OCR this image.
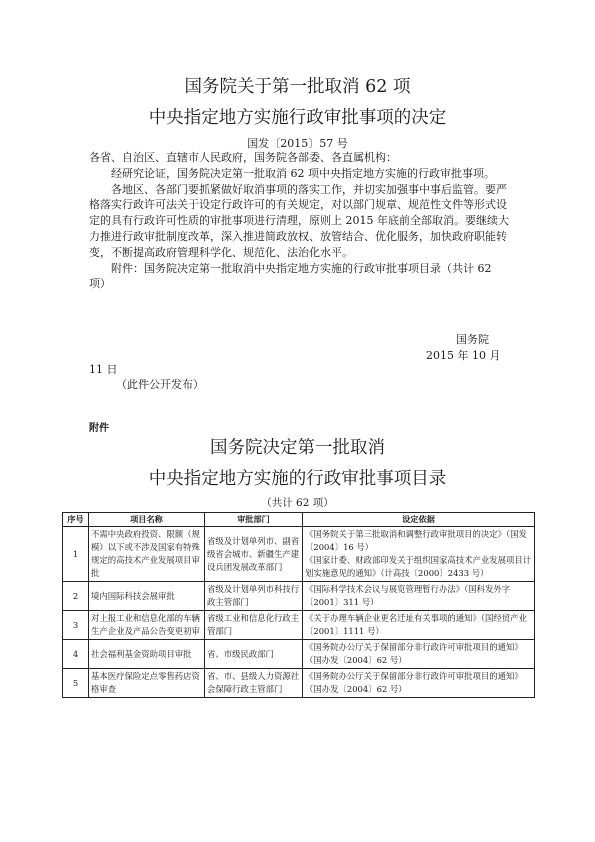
国务院关于第一批取消 62 项
中央指定地方实施行政审批事项的决定
国发〔2015〕57 号

各省、自治区、直辖市人民政府，国务院各部委、各直属机构：

经研究论证，国务院决定第一批取消 62 项中央指定地方实施的行政审批事项。

各地区、各部门要抓紧做好取消事项的落实工作，并切实加强事中事后监管。要严格落实行政许可法关于设定行政许可的有关规定，对以部门规章、规范性文件等形式设定的具有行政许可性质的审批事项进行清理，原则上 2015 年底前全部取消。要继续大力推进行政审批制度改革，深入推进简政放权、放管结合、优化服务，加快政府职能转变，不断提高政府管理科学化、规范化、法治化水平。

附件：国务院决定第一批取消中央指定地方实施的行政审批事项目录（共计 62 项）

国务院
2015 年 10 月
11 日
（此件公开发布）
附件
国务院决定第一批取消
中央指定地方实施的行政审批事项目录
（共计 62 项）
序号	项目名称	审批部门	设定依据
1	不需中央政府投资、限额（规模）以下或不涉及国家有特殊规定的高技术产业发展项目审批	省级及计划单列市、副省级省会城市、新疆生产建设兵团发展改革部门	《国务院关于第三批取消和调整行政审批项目的决定》（国发〔2004〕16 号）
《国家计委、财政部印发关于组织国家高技术产业发展项目计划实施意见的通知》（计高技〔2000〕2433 号）

2	境内国际科技会展审批	省级及计划单列市科技行政主管部门	《国际科学技术会议与展览管理暂行办法》（国科发外字〔2001〕311 号）

3	对上报工业和信息化部的车辆生产企业及产品公告变更初审	省级工业和信息化行政主管部门	《关于办理车辆企业更名迁址有关事项的通知》（国经贸产业〔2001〕1111 号）

4	社会福利基金资助项目审批	省、市级民政部门	《国务院办公厅关于保留部分非行政许可审批项目的通知》（国办发〔2004〕62 号）

5	基本医疗保险定点零售药店资格审查	省、市、县级人力资源社会保障行政主管部门	《国务院办公厅关于保留部分非行政许可审批项目的通知》（国办发〔2004〕62 号）
